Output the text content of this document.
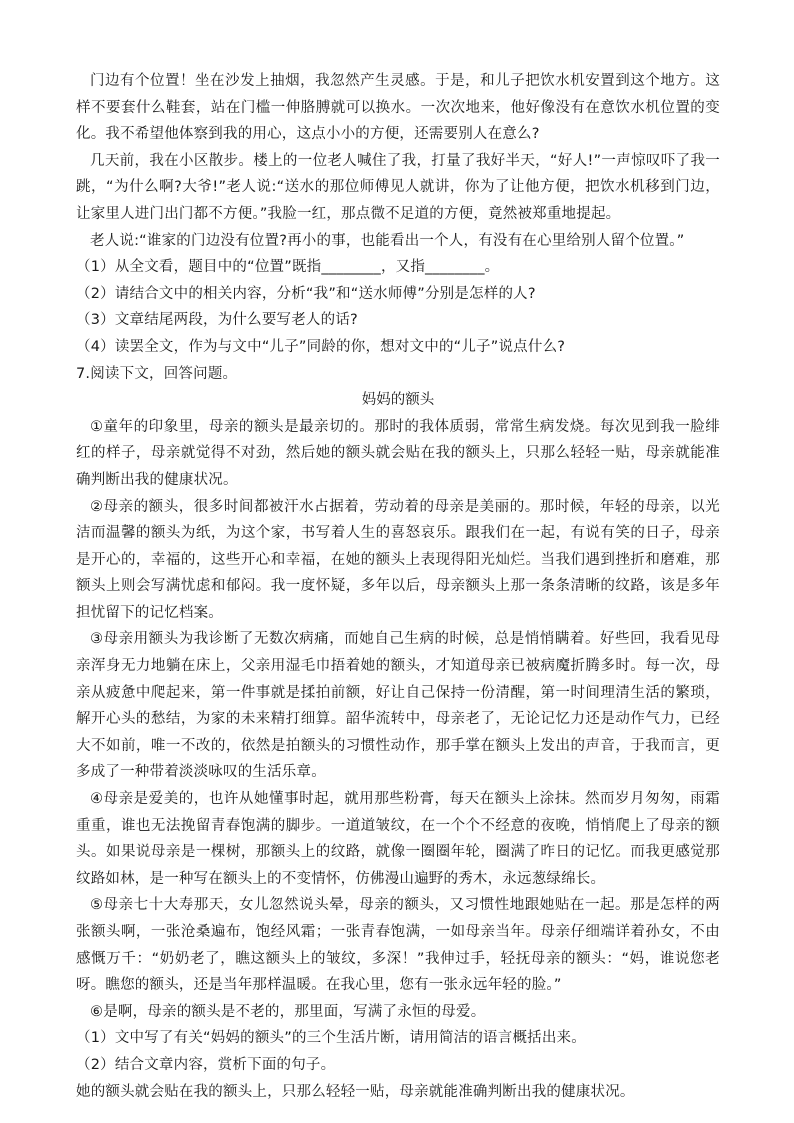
门边有个位置！坐在沙发上抽烟，我忽然产生灵感。于是，和儿子把饮水机安置到这个地方。这样不要套什么鞋套，站在门槛一伸胳膊就可以换水。一次次地来，他好像没有在意饮水机位置的变化。我不希望他体察到我的用心，这点小小的方便，还需要别人在意么?

几天前，我在小区散步。楼上的一位老人喊住了我，打量了我好半天，“好人!”一声惊叹吓了我一跳，“为什么啊?大爷!”老人说:“送水的那位师傅见人就讲，你为了让他方便，把饮水机移到门边，让家里人进门出门都不方便。”我脸一红，那点微不足道的方便，竟然被郑重地提起。

老人说:“谁家的门边没有位置?再小的事，也能看出一个人，有没有在心里给别人留个位置。”

（1）从全文看，题目中的“位置”既指________，又指________。

（2）请结合文中的相关内容，分析“我”和“送水师傅”分别是怎样的人?

（3）文章结尾两段，为什么要写老人的话?

（4）读罢全文，作为与文中“儿子”同龄的你，想对文中的“儿子”说点什么?

7.阅读下文，回答问题。

妈妈的额头

①童年的印象里，母亲的额头是最亲切的。那时的我体质弱，常常生病发烧。每次见到我一脸绯红的样子，母亲就觉得不对劲，然后她的额头就会贴在我的额头上，只那么轻轻一贴，母亲就能准确判断出我的健康状况。

②母亲的额头，很多时间都被汗水占据着，劳动着的母亲是美丽的。那时候，年轻的母亲，以光洁而温馨的额头为纸，为这个家，书写着人生的喜怒哀乐。跟我们在一起，有说有笑的日子，母亲是开心的，幸福的，这些开心和幸福，在她的额头上表现得阳光灿烂。当我们遇到挫折和磨难，那额头上则会写满忧虑和郁闷。我一度怀疑，多年以后，母亲额头上那一条条清晰的纹路，该是多年担忧留下的记忆档案。

③母亲用额头为我诊断了无数次病痛，而她自己生病的时候，总是悄悄瞒着。好些回，我看见母亲浑身无力地躺在床上，父亲用湿毛巾捂着她的额头，才知道母亲已被病魔折腾多时。每一次，母亲从疲惫中爬起来，第一件事就是揉拍前额，好让自己保持一份清醒，第一时间理清生活的繁琐，解开心头的愁结，为家的未来精打细算。韶华流转中，母亲老了，无论记忆力还是动作气力，已经大不如前，唯一不改的，依然是拍额头的习惯性动作，那手掌在额头上发出的声音，于我而言，更多成了一种带着淡淡咏叹的生活乐章。

④母亲是爱美的，也许从她懂事时起，就用那些粉膏，每天在额头上涂抹。然而岁月匆匆，雨霜重重，谁也无法挽留青春饱满的脚步。一道道皱纹，在一个个不经意的夜晚，悄悄爬上了母亲的额头。如果说母亲是一棵树，那额头上的纹路，就像一圈圈年轮，圈满了昨日的记忆。而我更感觉那纹路如林，是一种写在额头上的不变情怀，仿佛漫山遍野的秀木，永远葱绿绵长。

⑤母亲七十大寿那天，女儿忽然说头晕，母亲的额头，又习惯性地跟她贴在一起。那是怎样的两张额头啊，一张沧桑遍布，饱经风霜；一张青春饱满，一如母亲当年。母亲仔细端详着孙女，不由感慨万千：“奶奶老了，瞧这额头上的皱纹，多深！”我伸过手，轻抚母亲的额头：“妈，谁说您老呀。瞧您的额头，还是当年那样温暖。在我心里，您有一张永远年轻的脸。”

⑥是啊，母亲的额头是不老的，那里面，写满了永恒的母爱。

（1）文中写了有关“妈妈的额头”的三个生活片断，请用简洁的语言概括出来。

（2）结合文章内容，赏析下面的句子。

她的额头就会贴在我的额头上，只那么轻轻一贴，母亲就能准确判断出我的健康状况。
